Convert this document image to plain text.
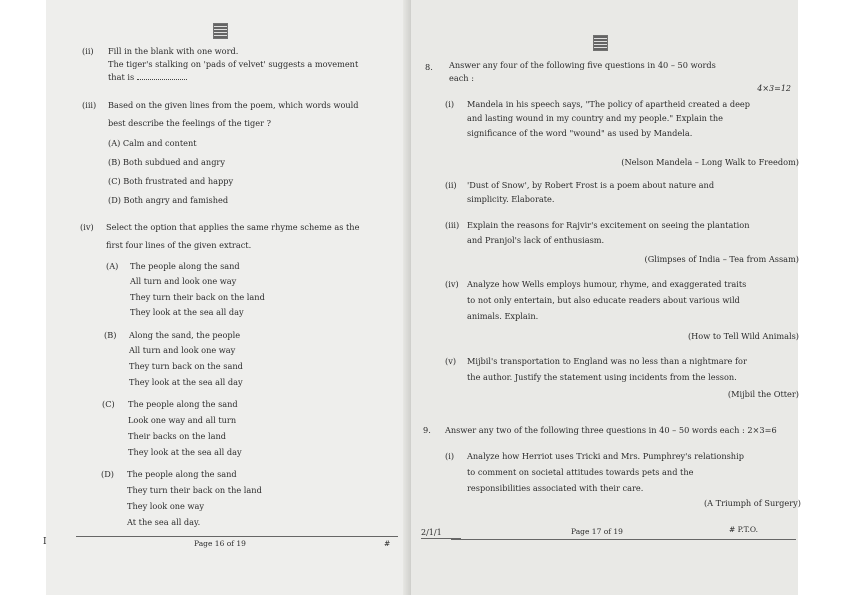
(ii) Fill in the blank with one word.
The tiger's stalking on 'pads of velvet' suggests a movement
that is
(iii) Based on the given lines from the poem, which words would
best describe the feelings of the tiger ?
(A) Calm and content
(B) Both subdued and angry
(C) Both frustrated and happy
(D) Both angry and famished
(iv) Select the option that applies the same rhyme scheme as the
first four lines of the given extract.
(A) The people along the sand
All turn and look one way
They turn their back on the land
They look at the sea all day
(B) Along the sand, the people
All turn and look one way
They turn back on the sand
They look at the sea all day
(C) The people along the sand
Look one way and all turn
Their backs on the land
They look at the sea all day
(D) The people along the sand
They turn their back on the land
They look one way
At the sea all day.
I	Page 16 of 19	#
8. Answer any four of the following five questions in 40 – 50 words
each :
4×3=12
(i) Mandela in his speech says, "The policy of apartheid created a deep
and lasting wound in my country and my people." Explain the
significance of the word "wound" as used by Mandela.
(Nelson Mandela – Long Walk to Freedom)
(ii) 'Dust of Snow', by Robert Frost is a poem about nature and
simplicity. Elaborate.
(iii) Explain the reasons for Rajvir's excitement on seeing the plantation
and Pranjol's lack of enthusiasm.
(Glimpses of India – Tea from Assam)
(iv) Analyze how Wells employs humour, rhyme, and exaggerated traits
to not only entertain, but also educate readers about various wild
animals. Explain.
(How to Tell Wild Animals)
(v) Mijbil's transportation to England was no less than a nightmare for
the author. Justify the statement using incidents from the lesson.
(Mijbil the Otter)
9. Answer any two of the following three questions in 40 – 50 words each : 2×3=6
(i) Analyze how Herriot uses Tricki and Mrs. Pumphrey's relationship
to comment on societal attitudes towards pets and the
responsibilities associated with their care.
(A Triumph of Surgery)
2/1/1	Page 17 of 19	# P.T.O.
